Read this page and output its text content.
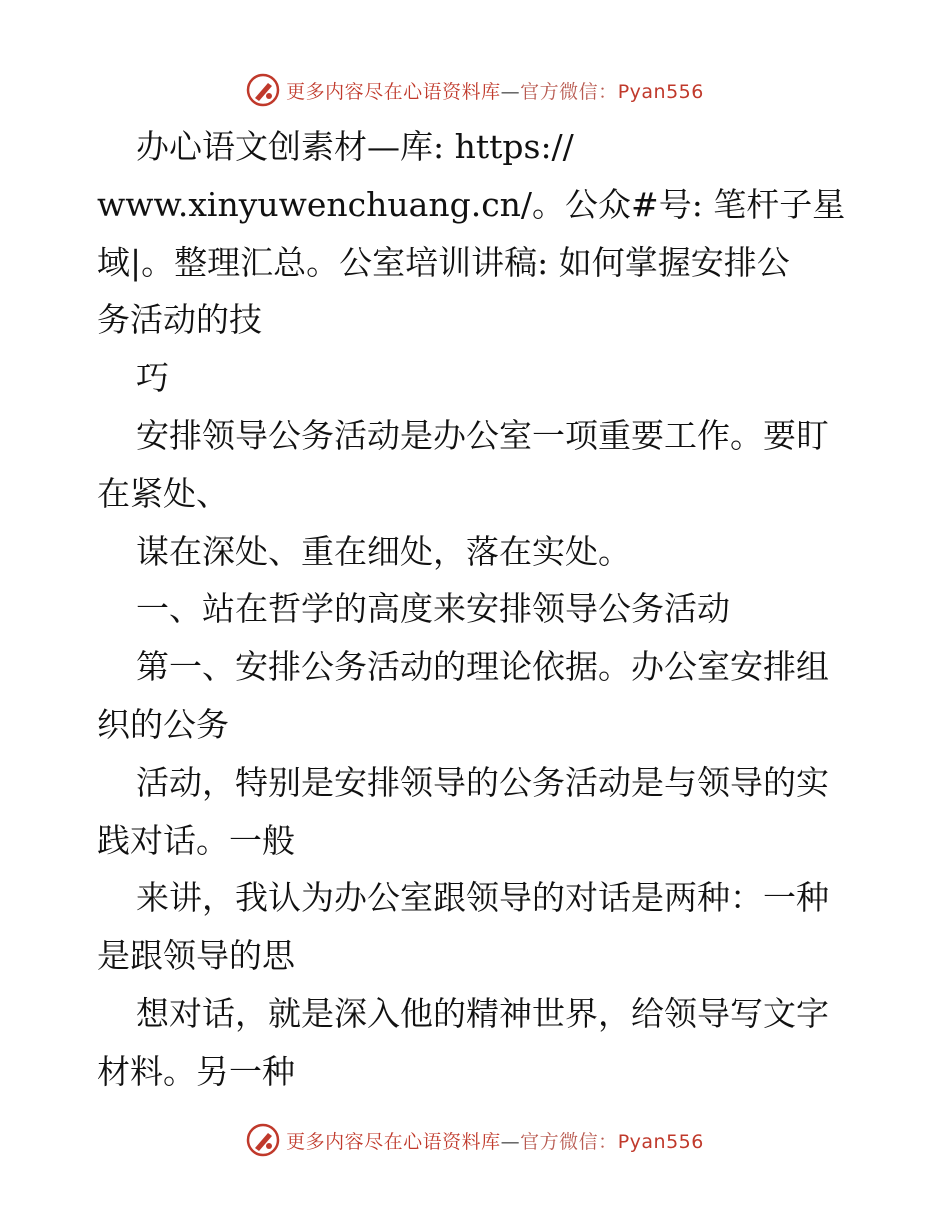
更多内容尽在心语资料库—官方微信：Pyan556
办心语文创素材—库: https://
www.xinyuwenchuang.cn/。公众#号: 笔杆子星
域|。整理汇总。公室培训讲稿: 如何掌握安排公
务活动的技
巧
安排领导公务活动是办公室一项重要工作。要盯
在紧处、
谋在深处、重在细处，落在实处。
一、站在哲学的高度来安排领导公务活动
第一、安排公务活动的理论依据。办公室安排组
织的公务
活动，特别是安排领导的公务活动是与领导的实
践对话。一般
来讲，我认为办公室跟领导的对话是两种：一种
是跟领导的思
想对话，就是深入他的精神世界，给领导写文字
材料。另一种
更多内容尽在心语资料库—官方微信：Pyan556
